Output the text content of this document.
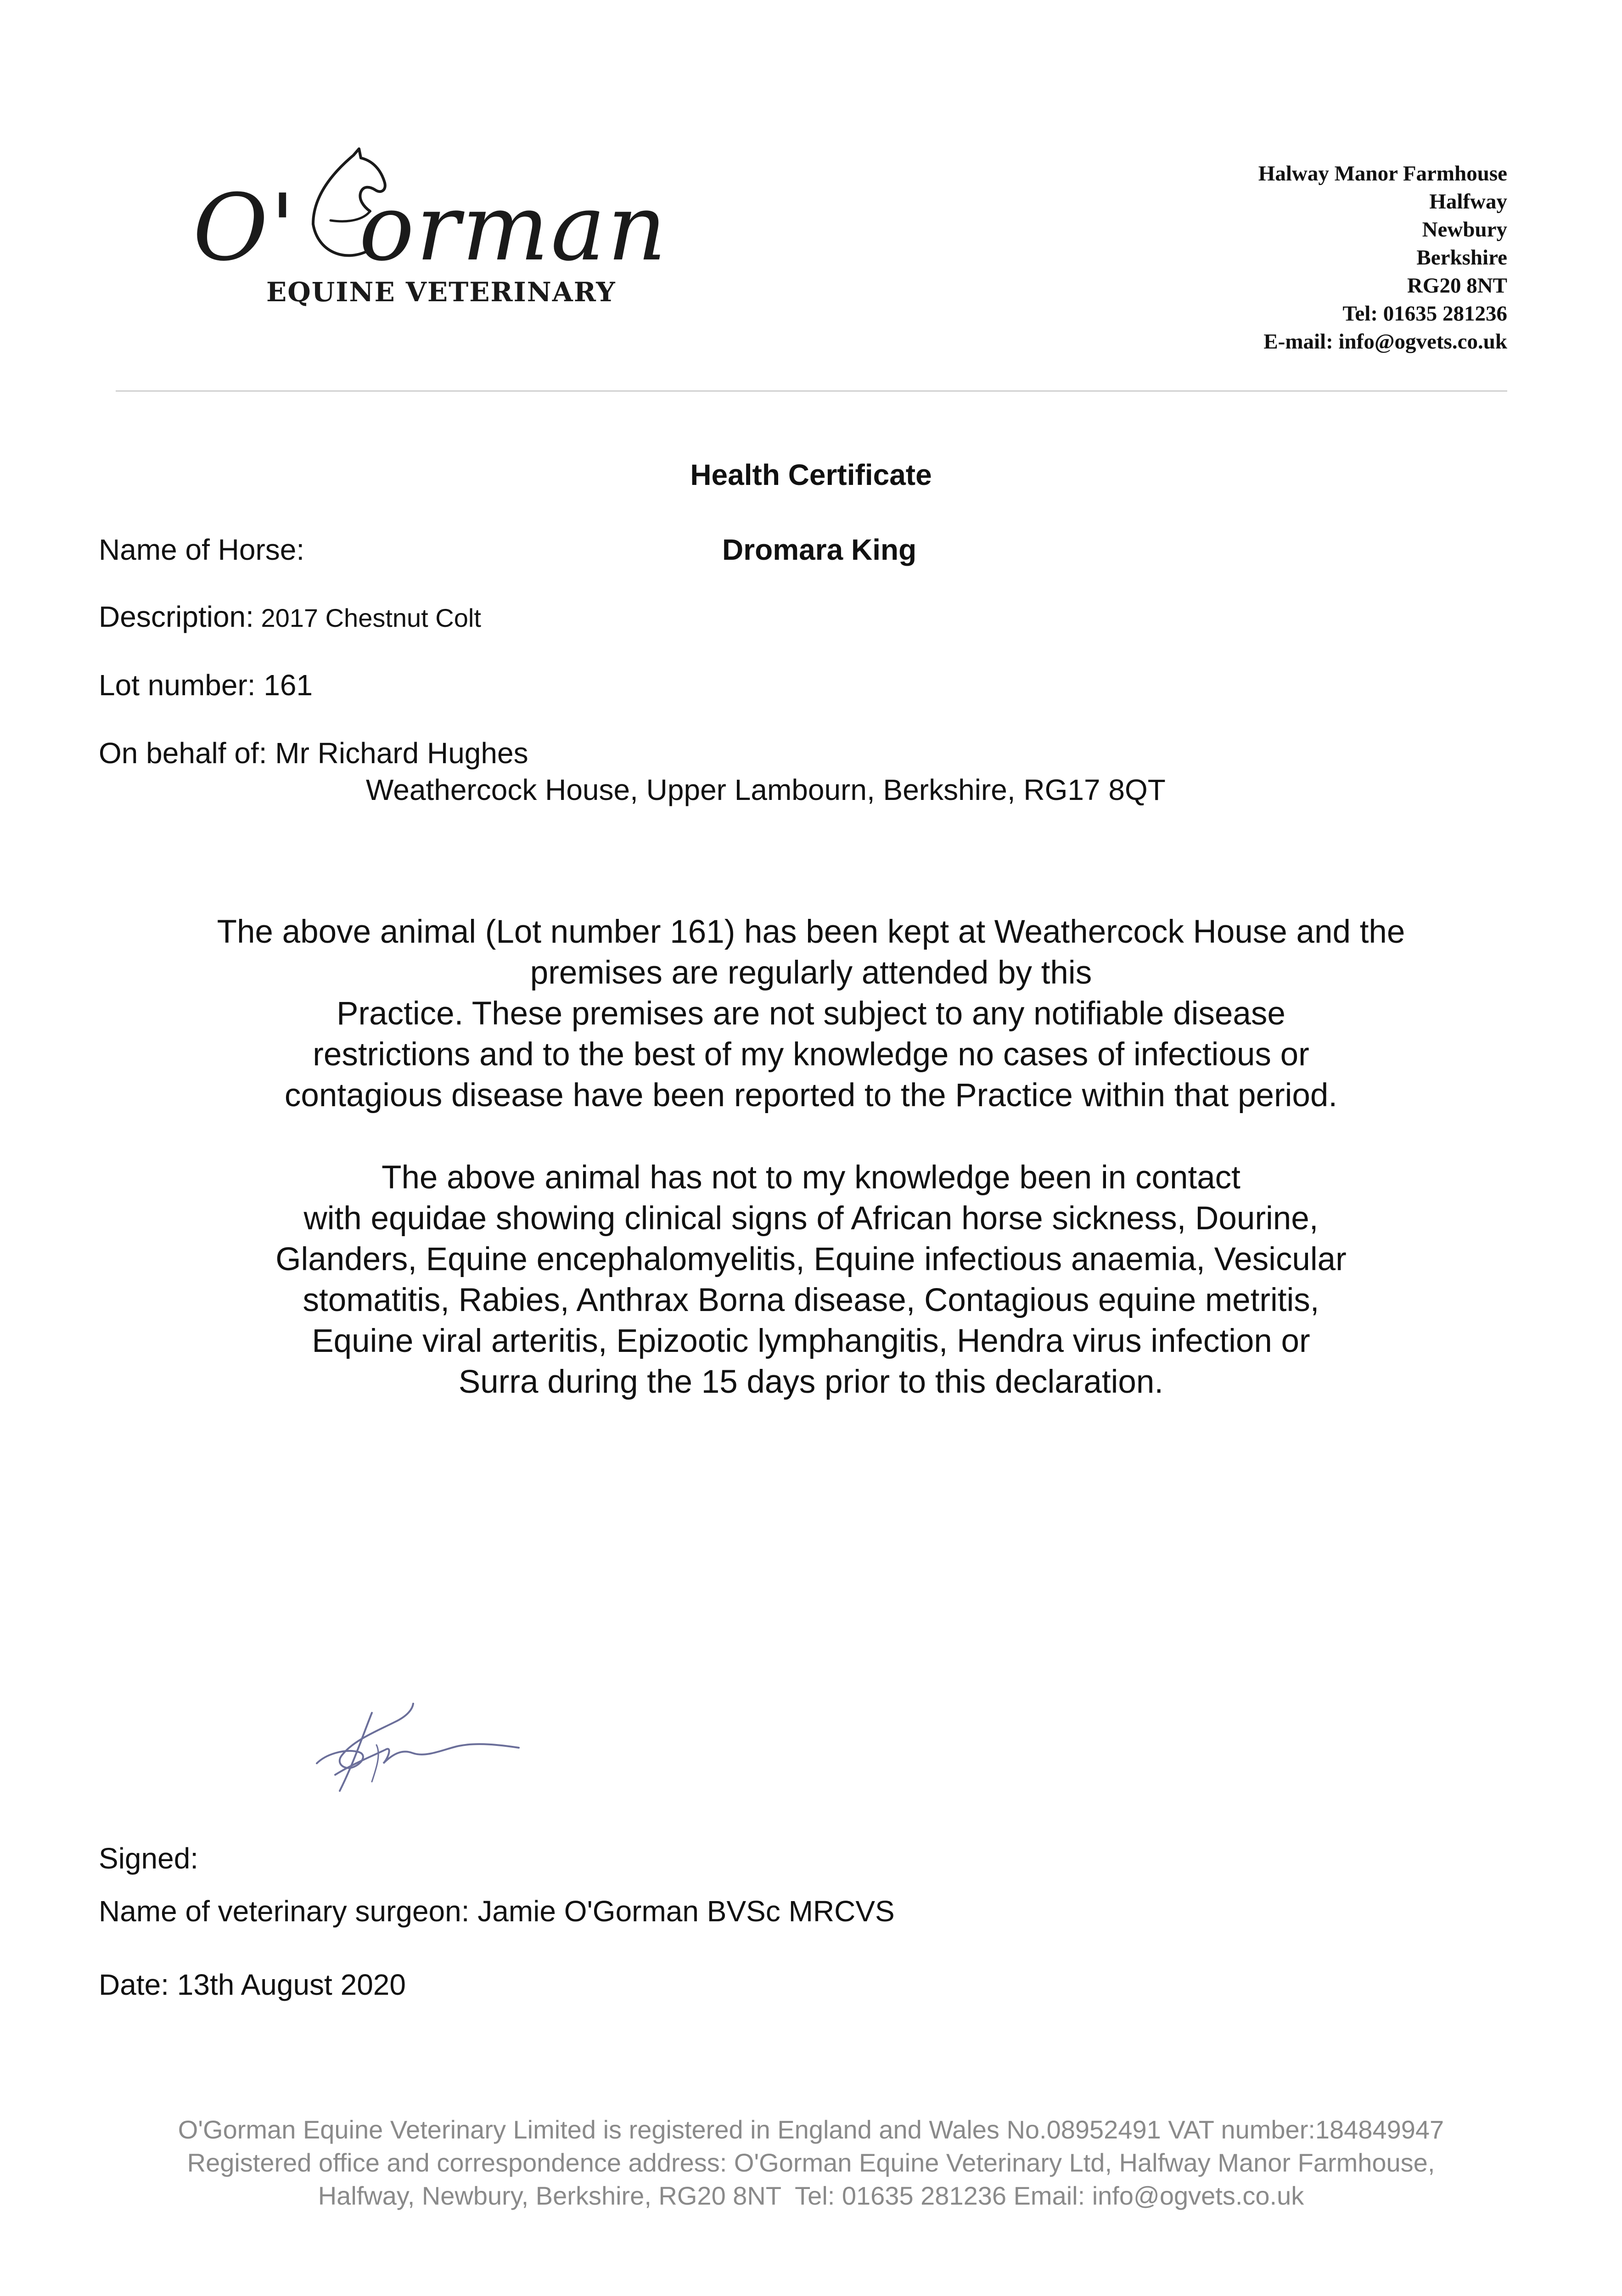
O' orman
EQUINE VETERINARY
Halway Manor Farmhouse
Halfway
Newbury
Berkshire
RG20 8NT
Tel: 01635 281236
E-mail: info@ogvets.co.uk
Health Certificate
Name of Horse:	Dromara King
Description: 2017 Chestnut Colt
Lot number: 161
On behalf of: Mr Richard Hughes
Weathercock House, Upper Lambourn, Berkshire, RG17 8QT
The above animal (Lot number 161) has been kept at Weathercock House and the
premises are regularly attended by this
Practice. These premises are not subject to any notifiable disease
restrictions and to the best of my knowledge no cases of infectious or
contagious disease have been reported to the Practice within that period.
The above animal has not to my knowledge been in contact
with equidae showing clinical signs of African horse sickness, Dourine,
Glanders, Equine encephalomyelitis, Equine infectious anaemia, Vesicular
stomatitis, Rabies, Anthrax Borna disease, Contagious equine metritis,
Equine viral arteritis, Epizootic lymphangitis, Hendra virus infection or
Surra during the 15 days prior to this declaration.
Signed:
Name of veterinary surgeon: Jamie O'Gorman BVSc MRCVS
Date: 13th August 2020
O'Gorman Equine Veterinary Limited is registered in England and Wales No.08952491 VAT number:184849947
Registered office and correspondence address: O'Gorman Equine Veterinary Ltd, Halfway Manor Farmhouse,
Halfway, Newbury, Berkshire, RG20 8NT  Tel: 01635 281236 Email: info@ogvets.co.uk
